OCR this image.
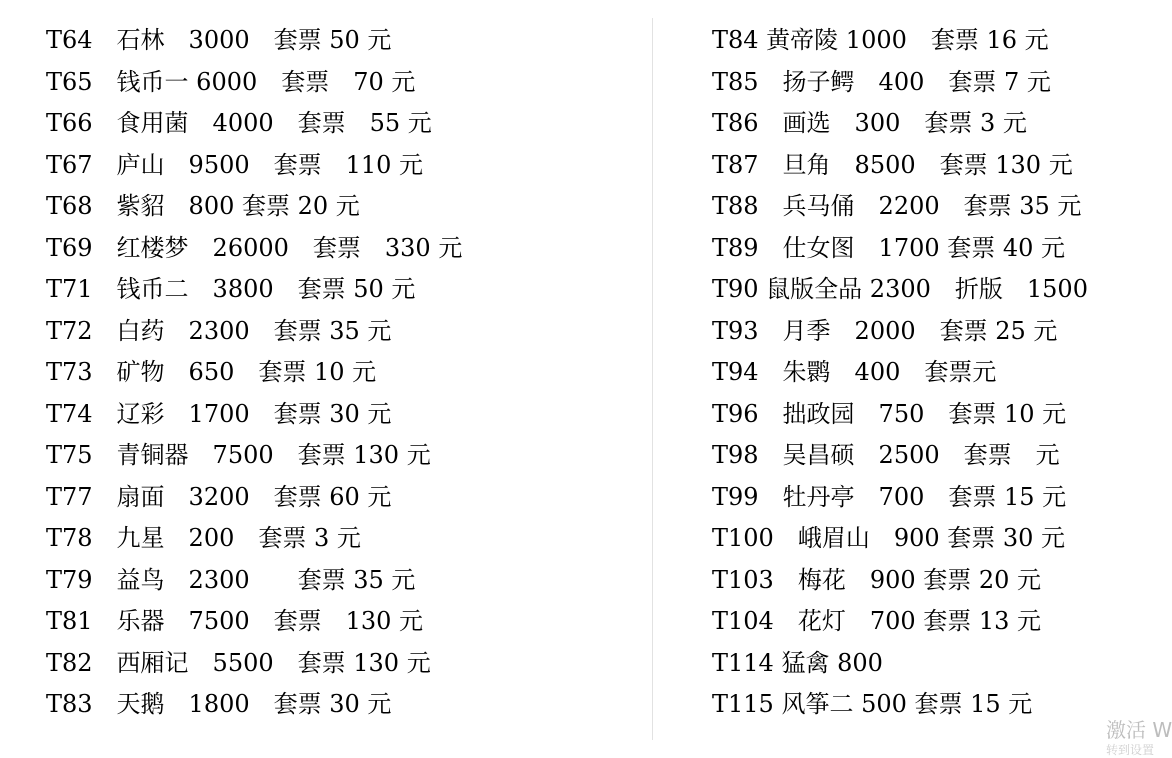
T64　石林　3000　套票 50 元
T65　钱币一 6000　套票　70 元
T66　食用菌　4000　套票　55 元
T67　庐山　9500　套票　110 元
T68　紫貂　800 套票 20 元
T69　红楼梦　26000　套票　330 元
T71　钱币二　3800　套票 50 元
T72　白药　2300　套票 35 元
T73　矿物　650　套票 10 元
T74　辽彩　1700　套票 30 元
T75　青铜器　7500　套票 130 元
T77　扇面　3200　套票 60 元
T78　九星　200　套票 3 元
T79　益鸟　2300　　套票 35 元
T81　乐器　7500　套票　130 元
T82　西厢记　5500　套票 130 元
T83　天鹅　1800　套票 30 元
T84 黄帝陵 1000　套票 16 元
T85　扬子鳄　400　套票 7 元
T86　画选　300　套票 3 元
T87　旦角　8500　套票 130 元
T88　兵马俑　2200　套票 35 元
T89　仕女图　1700 套票 40 元
T90 鼠版全品 2300　折版　1500
T93　月季　2000　套票 25 元
T94　朱鹮　400　套票元
T96　拙政园　750　套票 10 元
T98　吴昌硕　2500　套票　元
T99　牡丹亭　700　套票 15 元
T100　峨眉山　900 套票 30 元
T103　梅花　900 套票 20 元
T104　花灯　700 套票 13 元
T114 猛禽 800
T115 风筝二 500 套票 15 元
激活 W
转到设置
